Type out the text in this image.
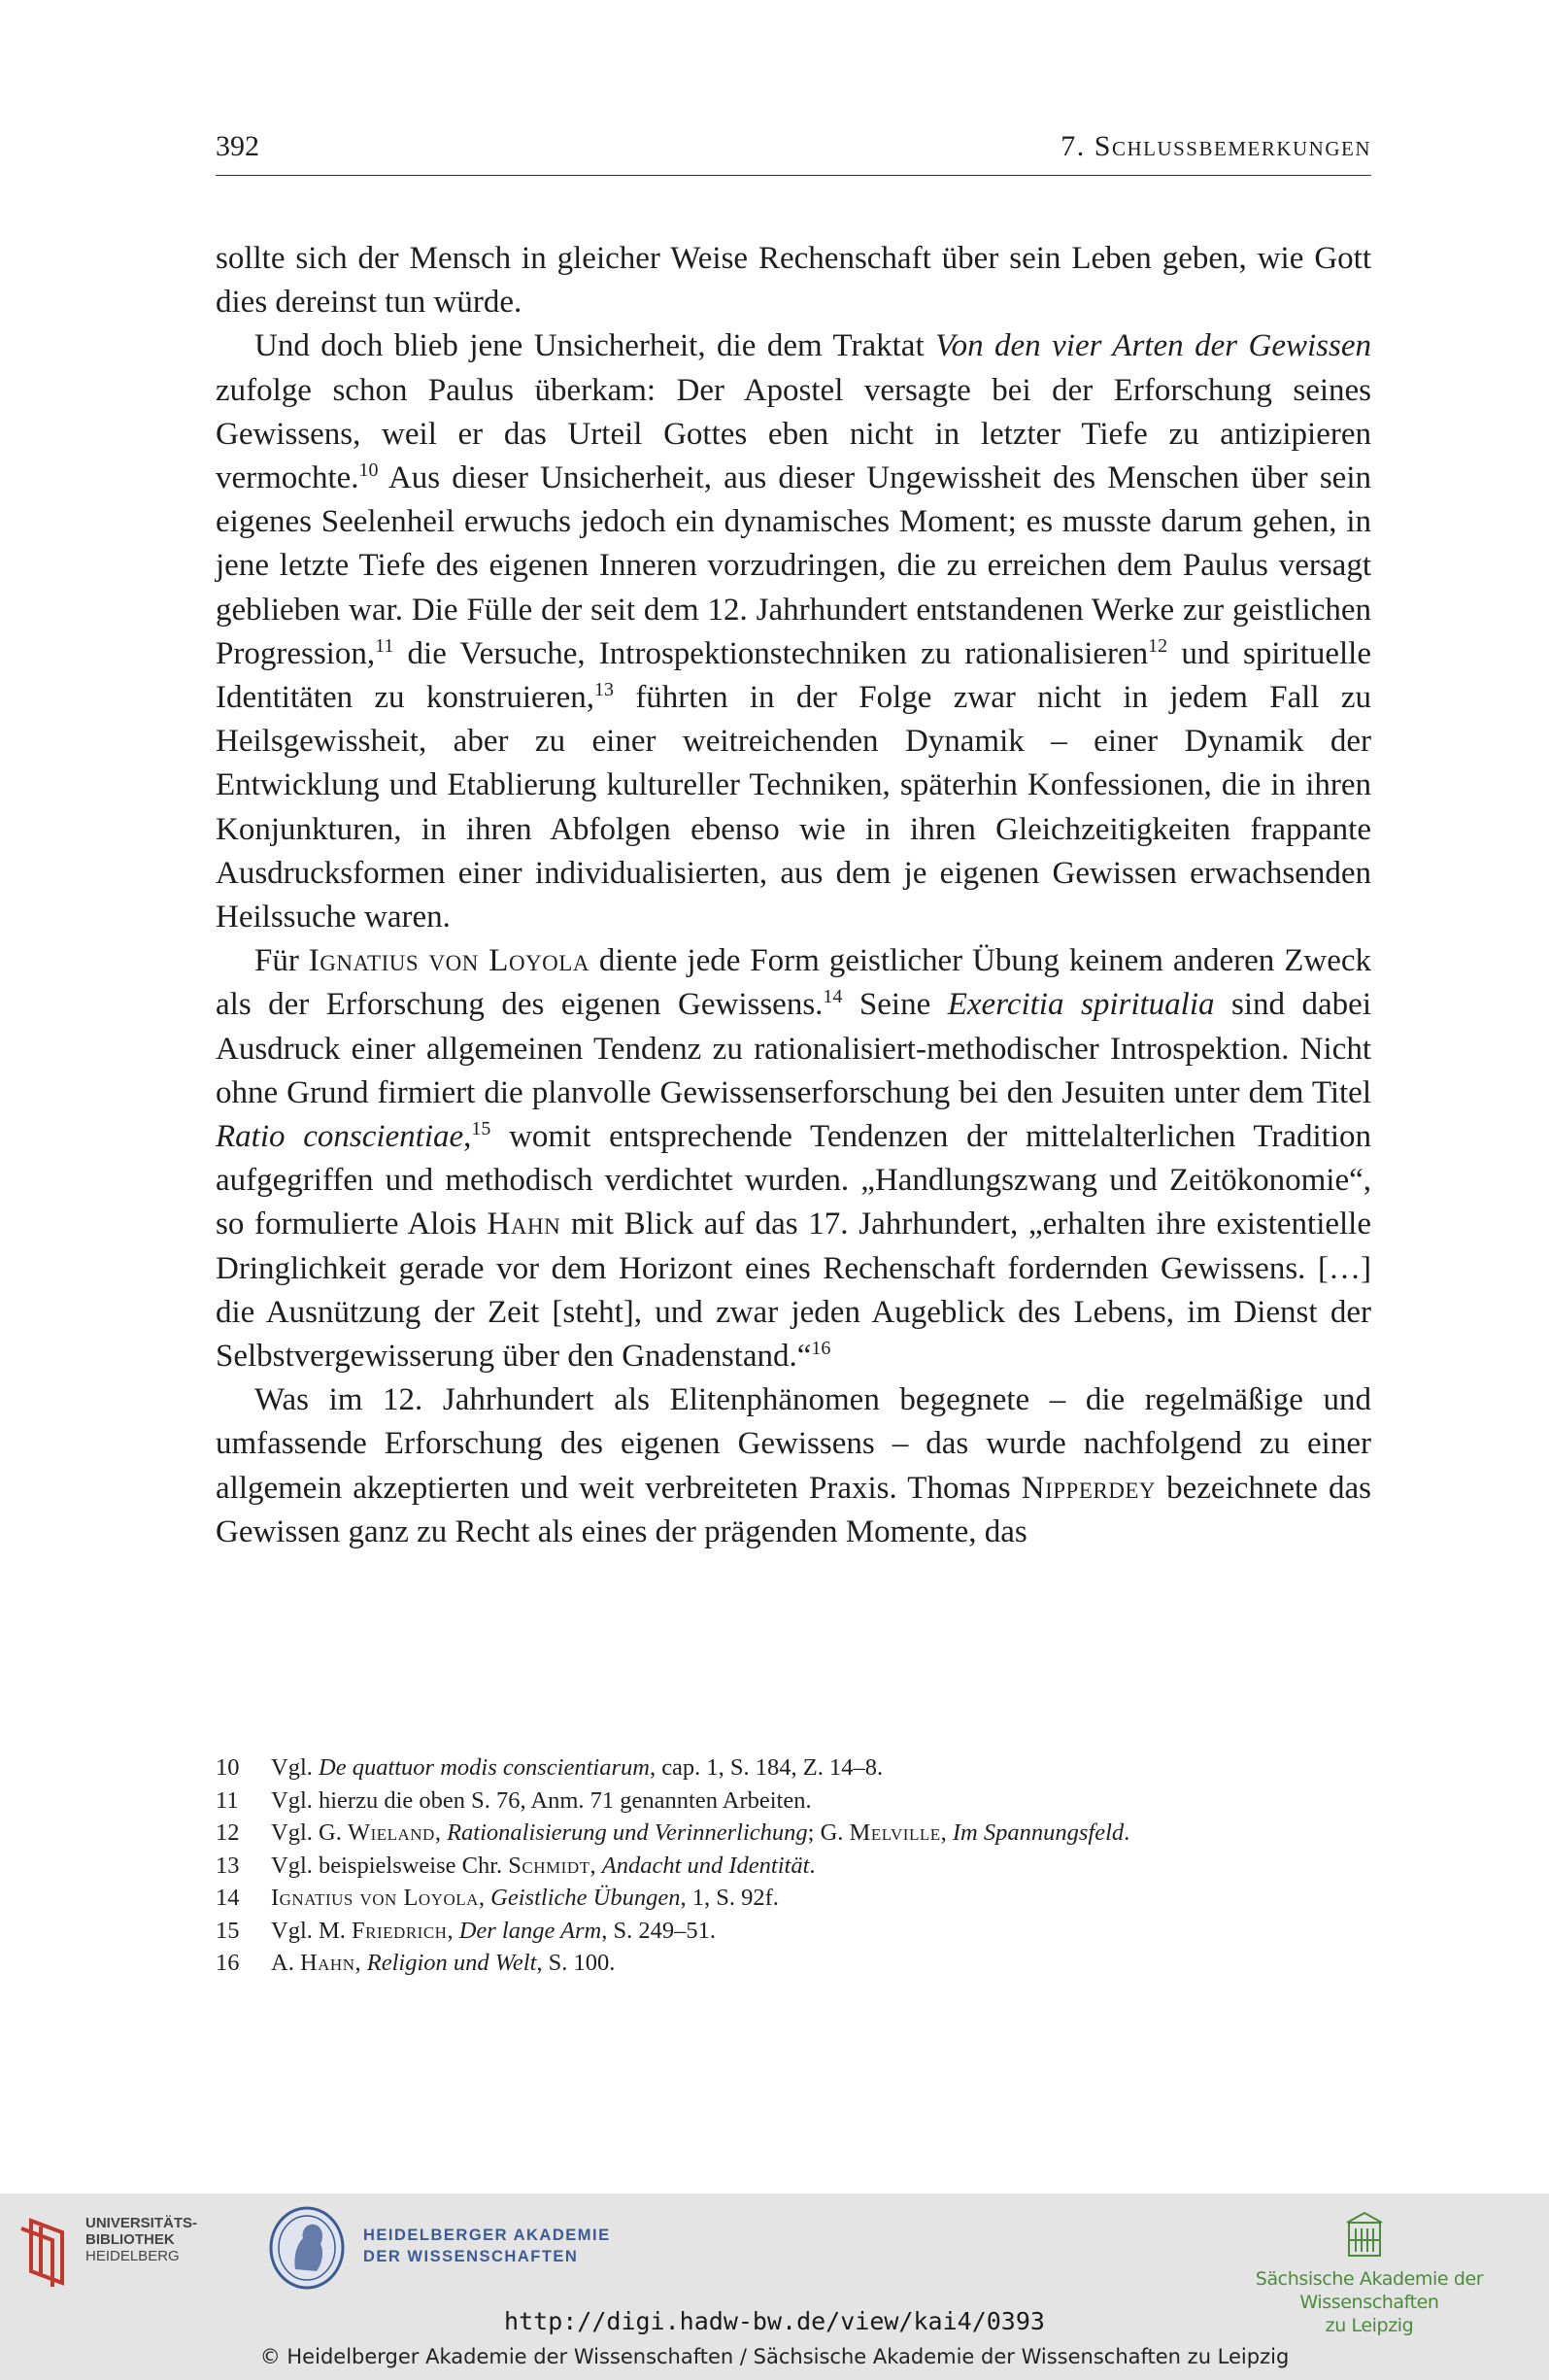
392	7. Schlussbemerkungen

sollte sich der Mensch in gleicher Weise Rechenschaft über sein Leben geben, wie Gott dies dereinst tun würde.

Und doch blieb jene Unsicherheit, die dem Traktat Von den vier Arten der Gewissen zufolge schon Paulus überkam: Der Apostel versagte bei der Erforschung seines Gewissens, weil er das Urteil Gottes eben nicht in letzter Tiefe zu antizipieren vermochte.$^{10}$ Aus dieser Unsicherheit, aus dieser Ungewissheit des Menschen über sein eigenes Seelenheil erwuchs jedoch ein dynamisches Moment; es musste darum gehen, in jene letzte Tiefe des eigenen Inneren vorzudringen, die zu erreichen dem Paulus versagt geblieben war. Die Fülle der seit dem 12. Jahrhundert entstandenen Werke zur geistlichen Progression,$^{11}$ die Versuche, Introspektionstechniken zu rationalisieren$^{12}$ und spirituelle Identitäten zu konstruieren,$^{13}$ führten in der Folge zwar nicht in jedem Fall zu Heilsgewissheit, aber zu einer weitreichenden Dynamik – einer Dynamik der Entwicklung und Etablierung kultureller Techniken, späterhin Konfessionen, die in ihren Konjunkturen, in ihren Abfolgen ebenso wie in ihren Gleichzeitigkeiten frappante Ausdrucksformen einer individualisierten, aus dem je eigenen Gewissen erwachsenden Heilssuche waren.

Für Ignatius von Loyola diente jede Form geistlicher Übung keinem anderen Zweck als der Erforschung des eigenen Gewissens.$^{14}$ Seine Exercitia spiritualia sind dabei Ausdruck einer allgemeinen Tendenz zu rationalisiert-methodischer Introspektion. Nicht ohne Grund firmiert die planvolle Gewissenserforschung bei den Jesuiten unter dem Titel Ratio conscientiae,$^{15}$ womit entsprechende Tendenzen der mittelalterlichen Tradition aufgegriffen und methodisch verdichtet wurden. „Handlungszwang und Zeitökonomie“, so formulierte Alois Hahn mit Blick auf das 17. Jahrhundert, „erhalten ihre existentielle Dringlichkeit gerade vor dem Horizont eines Rechenschaft fordernden Gewissens. […] die Ausnützung der Zeit [steht], und zwar jeden Augeblick des Lebens, im Dienst der Selbstvergewisserung über den Gnadenstand.“$^{16}$

Was im 12. Jahrhundert als Elitenphänomen begegnete – die regelmäßige und umfassende Erforschung des eigenen Gewissens – das wurde nachfolgend zu einer allgemein akzeptierten und weit verbreiteten Praxis. Thomas Nipperdey bezeichnete das Gewissen ganz zu Recht als eines der prägenden Momente, das

10	Vgl. De quattuor modis conscientiarum, cap. 1, S. 184, Z. 14–8.
11	Vgl. hierzu die oben S. 76, Anm. 71 genannten Arbeiten.
12	Vgl. G. Wieland, Rationalisierung und Verinnerlichung; G. Melville, Im Spannungsfeld.
13	Vgl. beispielsweise Chr. Schmidt, Andacht und Identität.
14	Ignatius von Loyola, Geistliche Übungen, 1, S. 92f.
15	Vgl. M. Friedrich, Der lange Arm, S. 249–51.
16	A. Hahn, Religion und Welt, S. 100.
UNIVERSITÄTS-
BIBLIOTHEK
HEIDELBERG
HEIDELBERGER AKADEMIE
DER WISSENSCHAFTEN
Sächsische Akademie der Wissenschaften
zu Leipzig
http://digi.hadw-bw.de/view/kai4/0393
© Heidelberger Akademie der Wissenschaften / Sächsische Akademie der Wissenschaften zu Leipzig
